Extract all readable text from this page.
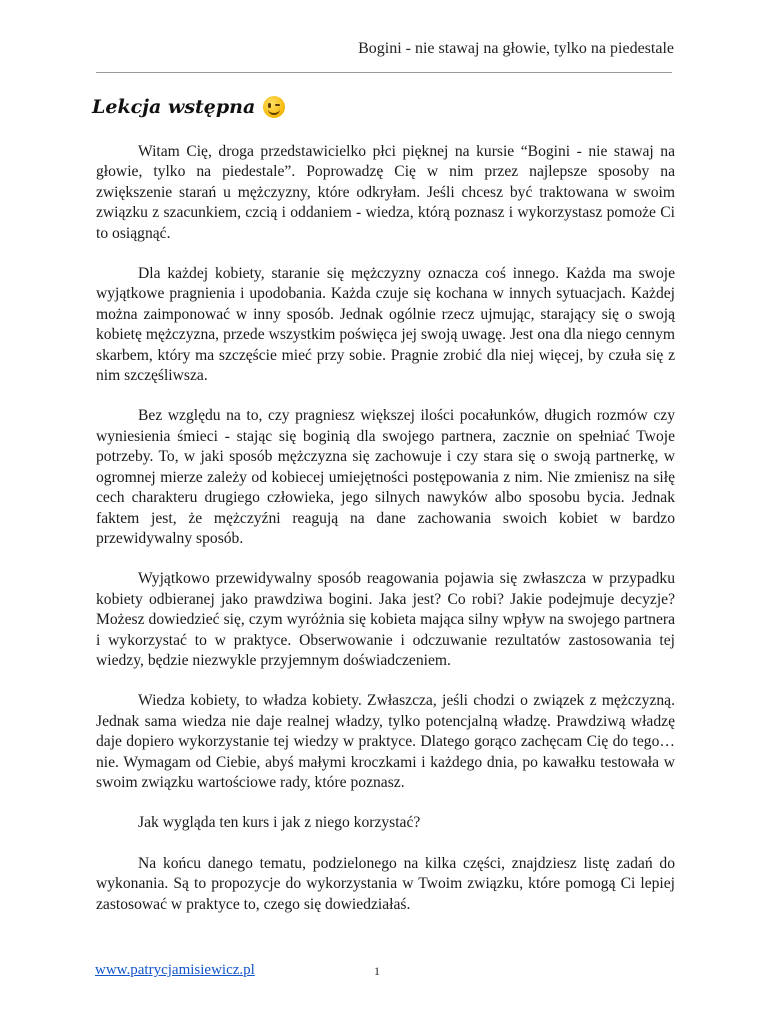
Bogini - nie stawaj na głowie, tylko na piedestale
Lekcja wstępna

Witam Cię, droga przedstawicielko płci pięknej na kursie “Bogini - nie stawaj na głowie, tylko na piedestale”. Poprowadzę Cię w nim przez najlepsze sposoby na zwiększenie starań u mężczyzny, które odkryłam. Jeśli chcesz być traktowana w swoim związku z szacunkiem, czcią i oddaniem - wiedza, którą poznasz i wykorzystasz pomoże Ci to osiągnąć.

Dla każdej kobiety, staranie się mężczyzny oznacza coś innego. Każda ma swoje wyjątkowe pragnienia i upodobania. Każda czuje się kochana w innych sytuacjach. Każdej można zaimponować w inny sposób. Jednak ogólnie rzecz ujmując, starający się o swoją kobietę mężczyzna, przede wszystkim poświęca jej swoją uwagę. Jest ona dla niego cennym skarbem, który ma szczęście mieć przy sobie. Pragnie zrobić dla niej więcej, by czuła się z nim szczęśliwsza.

Bez względu na to, czy pragniesz większej ilości pocałunków, długich rozmów czy wyniesienia śmieci - stając się boginią dla swojego partnera, zacznie on spełniać Twoje potrzeby. To, w jaki sposób mężczyzna się zachowuje i czy stara się o swoją partnerkę, w ogromnej mierze zależy od kobiecej umiejętności postępowania z nim. Nie zmienisz na siłę cech charakteru drugiego człowieka, jego silnych nawyków albo sposobu bycia. Jednak faktem jest, że mężczyźni reagują na dane zachowania swoich kobiet w bardzo przewidywalny sposób.

Wyjątkowo przewidywalny sposób reagowania pojawia się zwłaszcza w przypadku kobiety odbieranej jako prawdziwa bogini. Jaka jest? Co robi? Jakie podejmuje decyzje? Możesz dowiedzieć się, czym wyróżnia się kobieta mająca silny wpływ na swojego partnera i wykorzystać to w praktyce. Obserwowanie i odczuwanie rezultatów zastosowania tej wiedzy, będzie niezwykle przyjemnym doświadczeniem.

Wiedza kobiety, to władza kobiety. Zwłaszcza, jeśli chodzi o związek z mężczyzną. Jednak sama wiedza nie daje realnej władzy, tylko potencjalną władzę. Prawdziwą władzę daje dopiero wykorzystanie tej wiedzy w praktyce. Dlatego gorąco zachęcam Cię do tego… nie. Wymagam od Ciebie, abyś małymi kroczkami i każdego dnia, po kawałku testowała w swoim związku wartościowe rady, które poznasz.

Jak wygląda ten kurs i jak z niego korzystać?

Na końcu danego tematu, podzielonego na kilka części, znajdziesz listę zadań do wykonania. Są to propozycje do wykorzystania w Twoim związku, które pomogą Ci lepiej zastosować w praktyce to, czego się dowiedziałaś.

www.patrycjamisiewicz.pl	1
